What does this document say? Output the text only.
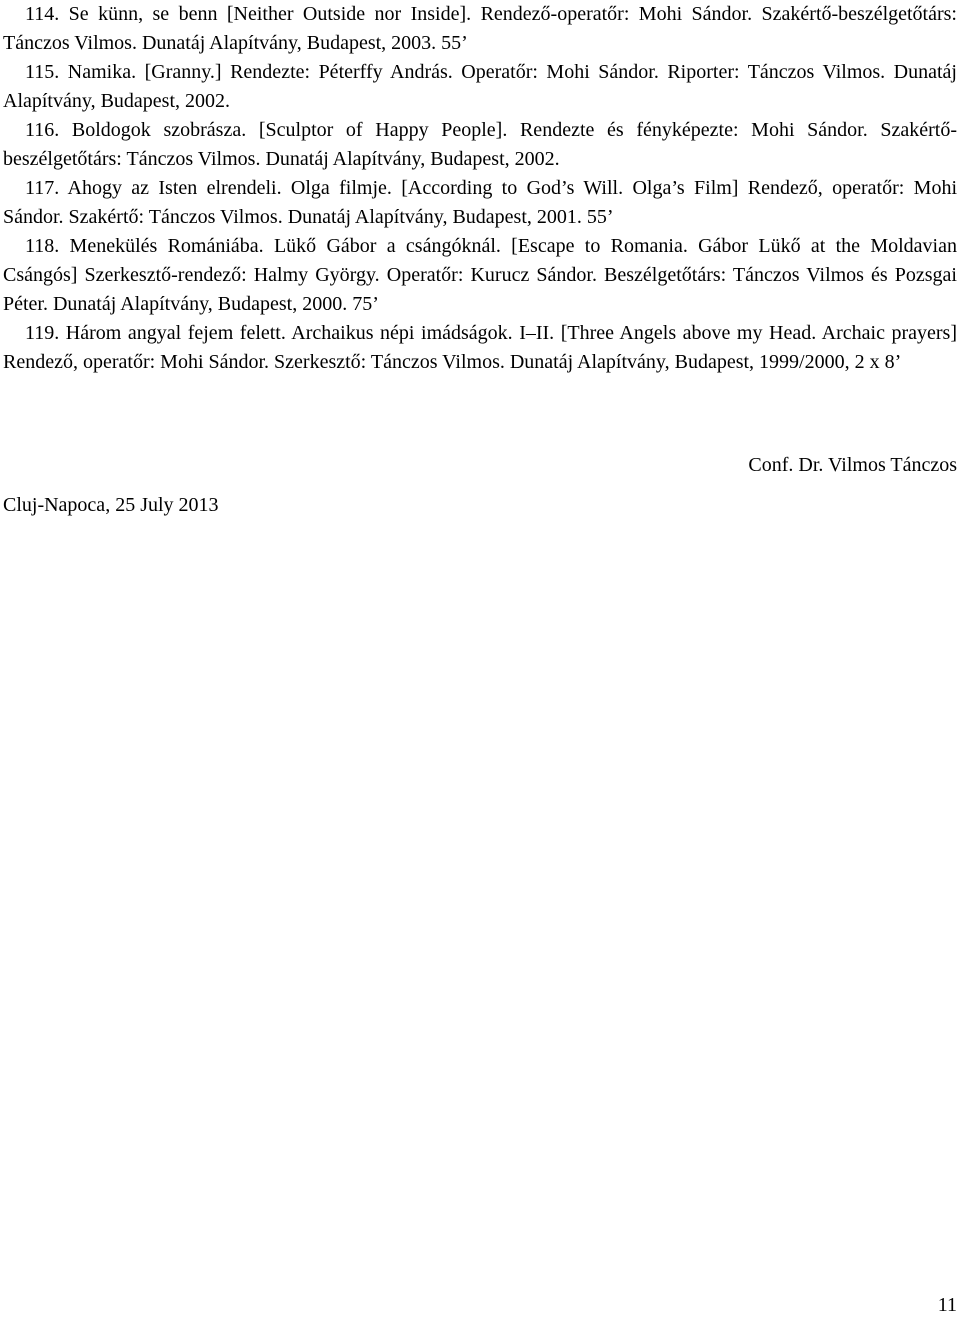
114. Se künn, se benn [Neither Outside nor Inside]. Rendező-operatőr: Mohi Sándor. Szakértő-beszélgetőtárs: Tánczos Vilmos. Dunatáj Alapítvány, Budapest, 2003. 55’

115. Namika. [Granny.] Rendezte: Péterffy András. Operatőr: Mohi Sándor. Riporter: Tánczos Vilmos. Dunatáj Alapítvány, Budapest, 2002.

116. Boldogok szobrásza. [Sculptor of Happy People]. Rendezte és fényképezte: Mohi Sándor. Szakértő-beszélgetőtárs: Tánczos Vilmos. Dunatáj Alapítvány, Budapest, 2002.

117. Ahogy az Isten elrendeli. Olga filmje. [According to God’s Will. Olga’s Film] Rendező, operatőr: Mohi Sándor. Szakértő: Tánczos Vilmos. Dunatáj Alapítvány, Budapest, 2001. 55’

118. Menekülés Romániába. Lükő Gábor a csángóknál. [Escape to Romania. Gábor Lükő at the Moldavian Csángós] Szerkesztő-rendező: Halmy György. Operatőr: Kurucz Sándor. Beszélgetőtárs: Tánczos Vilmos és Pozsgai Péter. Dunatáj Alapítvány, Budapest, 2000. 75’

119. Három angyal fejem felett. Archaikus népi imádságok. I–II. [Three Angels above my Head. Archaic prayers] Rendező, operatőr: Mohi Sándor. Szerkesztő: Tánczos Vilmos. Dunatáj Alapítvány, Budapest, 1999/2000, 2 x 8’

Conf. Dr. Vilmos Tánczos
Cluj-Napoca, 25 July 2013
11
